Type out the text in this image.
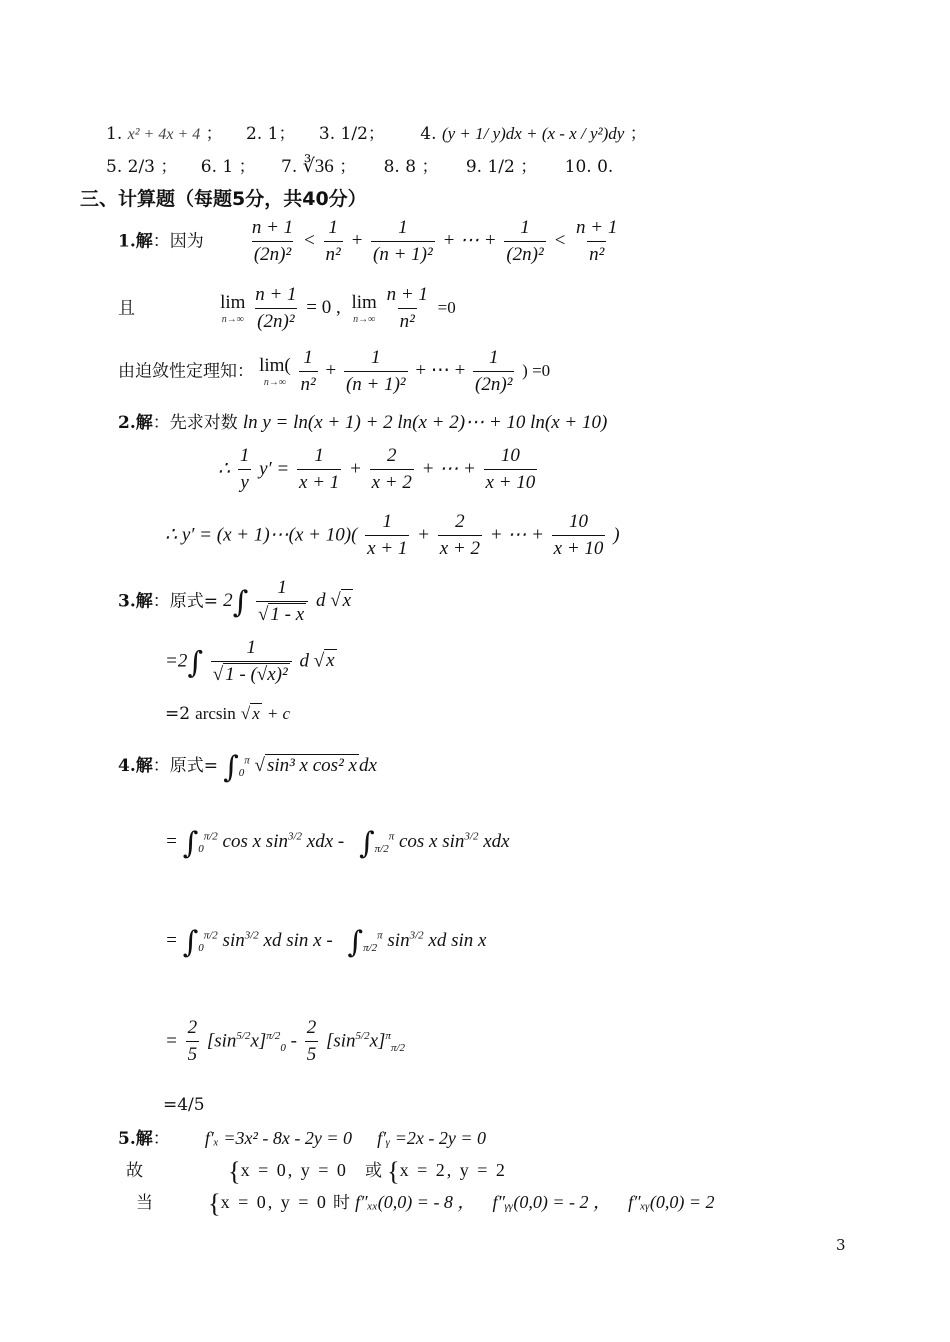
1. x² + 4x + 4 ； 2. 1； 3. 1/2； 4. (y + 1/ y)dx + (x - x / y²)dy ；
5. 2/3 ； 6. 1 ； 7. ∛36 ； 8. 8 ； 9. 1/2 ； 10. 0.
三、计算题（每题5分，共40分）
1.解：因为 $\frac{n + 1}{\text{(2n)²}} < \frac{1}{\text{n²}} + \frac{1}{\text{(n + 1)²}}$ + ⋯ + $\frac{1}{\text{(2n)²}} < \frac{n + 1}{\text{n²}}$
且	lim
n→∞
$\frac{n + 1}{\text{(2n)²}} = 0$ , lim
n→∞
$\frac{n + 1}{\text{n²}} =0$
由迫敛性定理知： lim(
n→∞
$\frac{1}{\text{n²}} + \frac{1}{\text{(n + 1)²}}$ + ⋯ + $\frac{1}{\text{(2n)²}}$ ) =0
2.解：先求对数 ln y = ln(x + 1) + 2 ln(x + 2)⋯ + 10 ln(x + 10)
∴ $\frac{1}{y} y' = \frac{1}{x + 1} + \frac{2}{x + 2}$ + ⋯ + $\frac{10}{x + 10}$
∴ y′ = (x + 1)⋯(x + $10)( \frac{1}{x + 1} + \frac{2}{x + 2}$ + ⋯ + $\frac{10}{x + 10}$ )
3.解：原式= $2\int \frac{1}{√ 1 - x}$ d √ x
$=2\int \frac{1}{\text{√ 1 - (√x)²}}$ d √ x
=2 arcsin √ x + c
4.解：原式= $\int_0^\pi$ √ sin³ x cos² x dx
= $\int_0^{\pi/2}$ cos x $\sin^{3/2}$ xdx - $\int_{\pi/2}^\pi$ cos x $\sin^{3/2}$ xdx
= $\int_0^{\pi/2}$ $\sin^{3/2}$ xd sin x - $\int_{\pi/2}^\pi$ $\sin^{3/2}$ xd sin x
= $\frac{2}{5} [\sin^{5/2}x]^{\pi/2}_0 - \frac{2}{5} [\sin^{5/2}x]^\pi_{\pi/2}$
=4/5
5.解： f′ₓ =3x² - 8x - 2y = 0 f′ᵧ =2x - 2y = 0
故	{x = 0, y = 0 或 {x = 2, y = 2
当 {x = 0, y = 0 时 f″ₓₓ(0,0) = - 8 ， f″ᵧᵧ(0,0) = - 2 ， f″ₓᵧ(0,0) = 2
3
